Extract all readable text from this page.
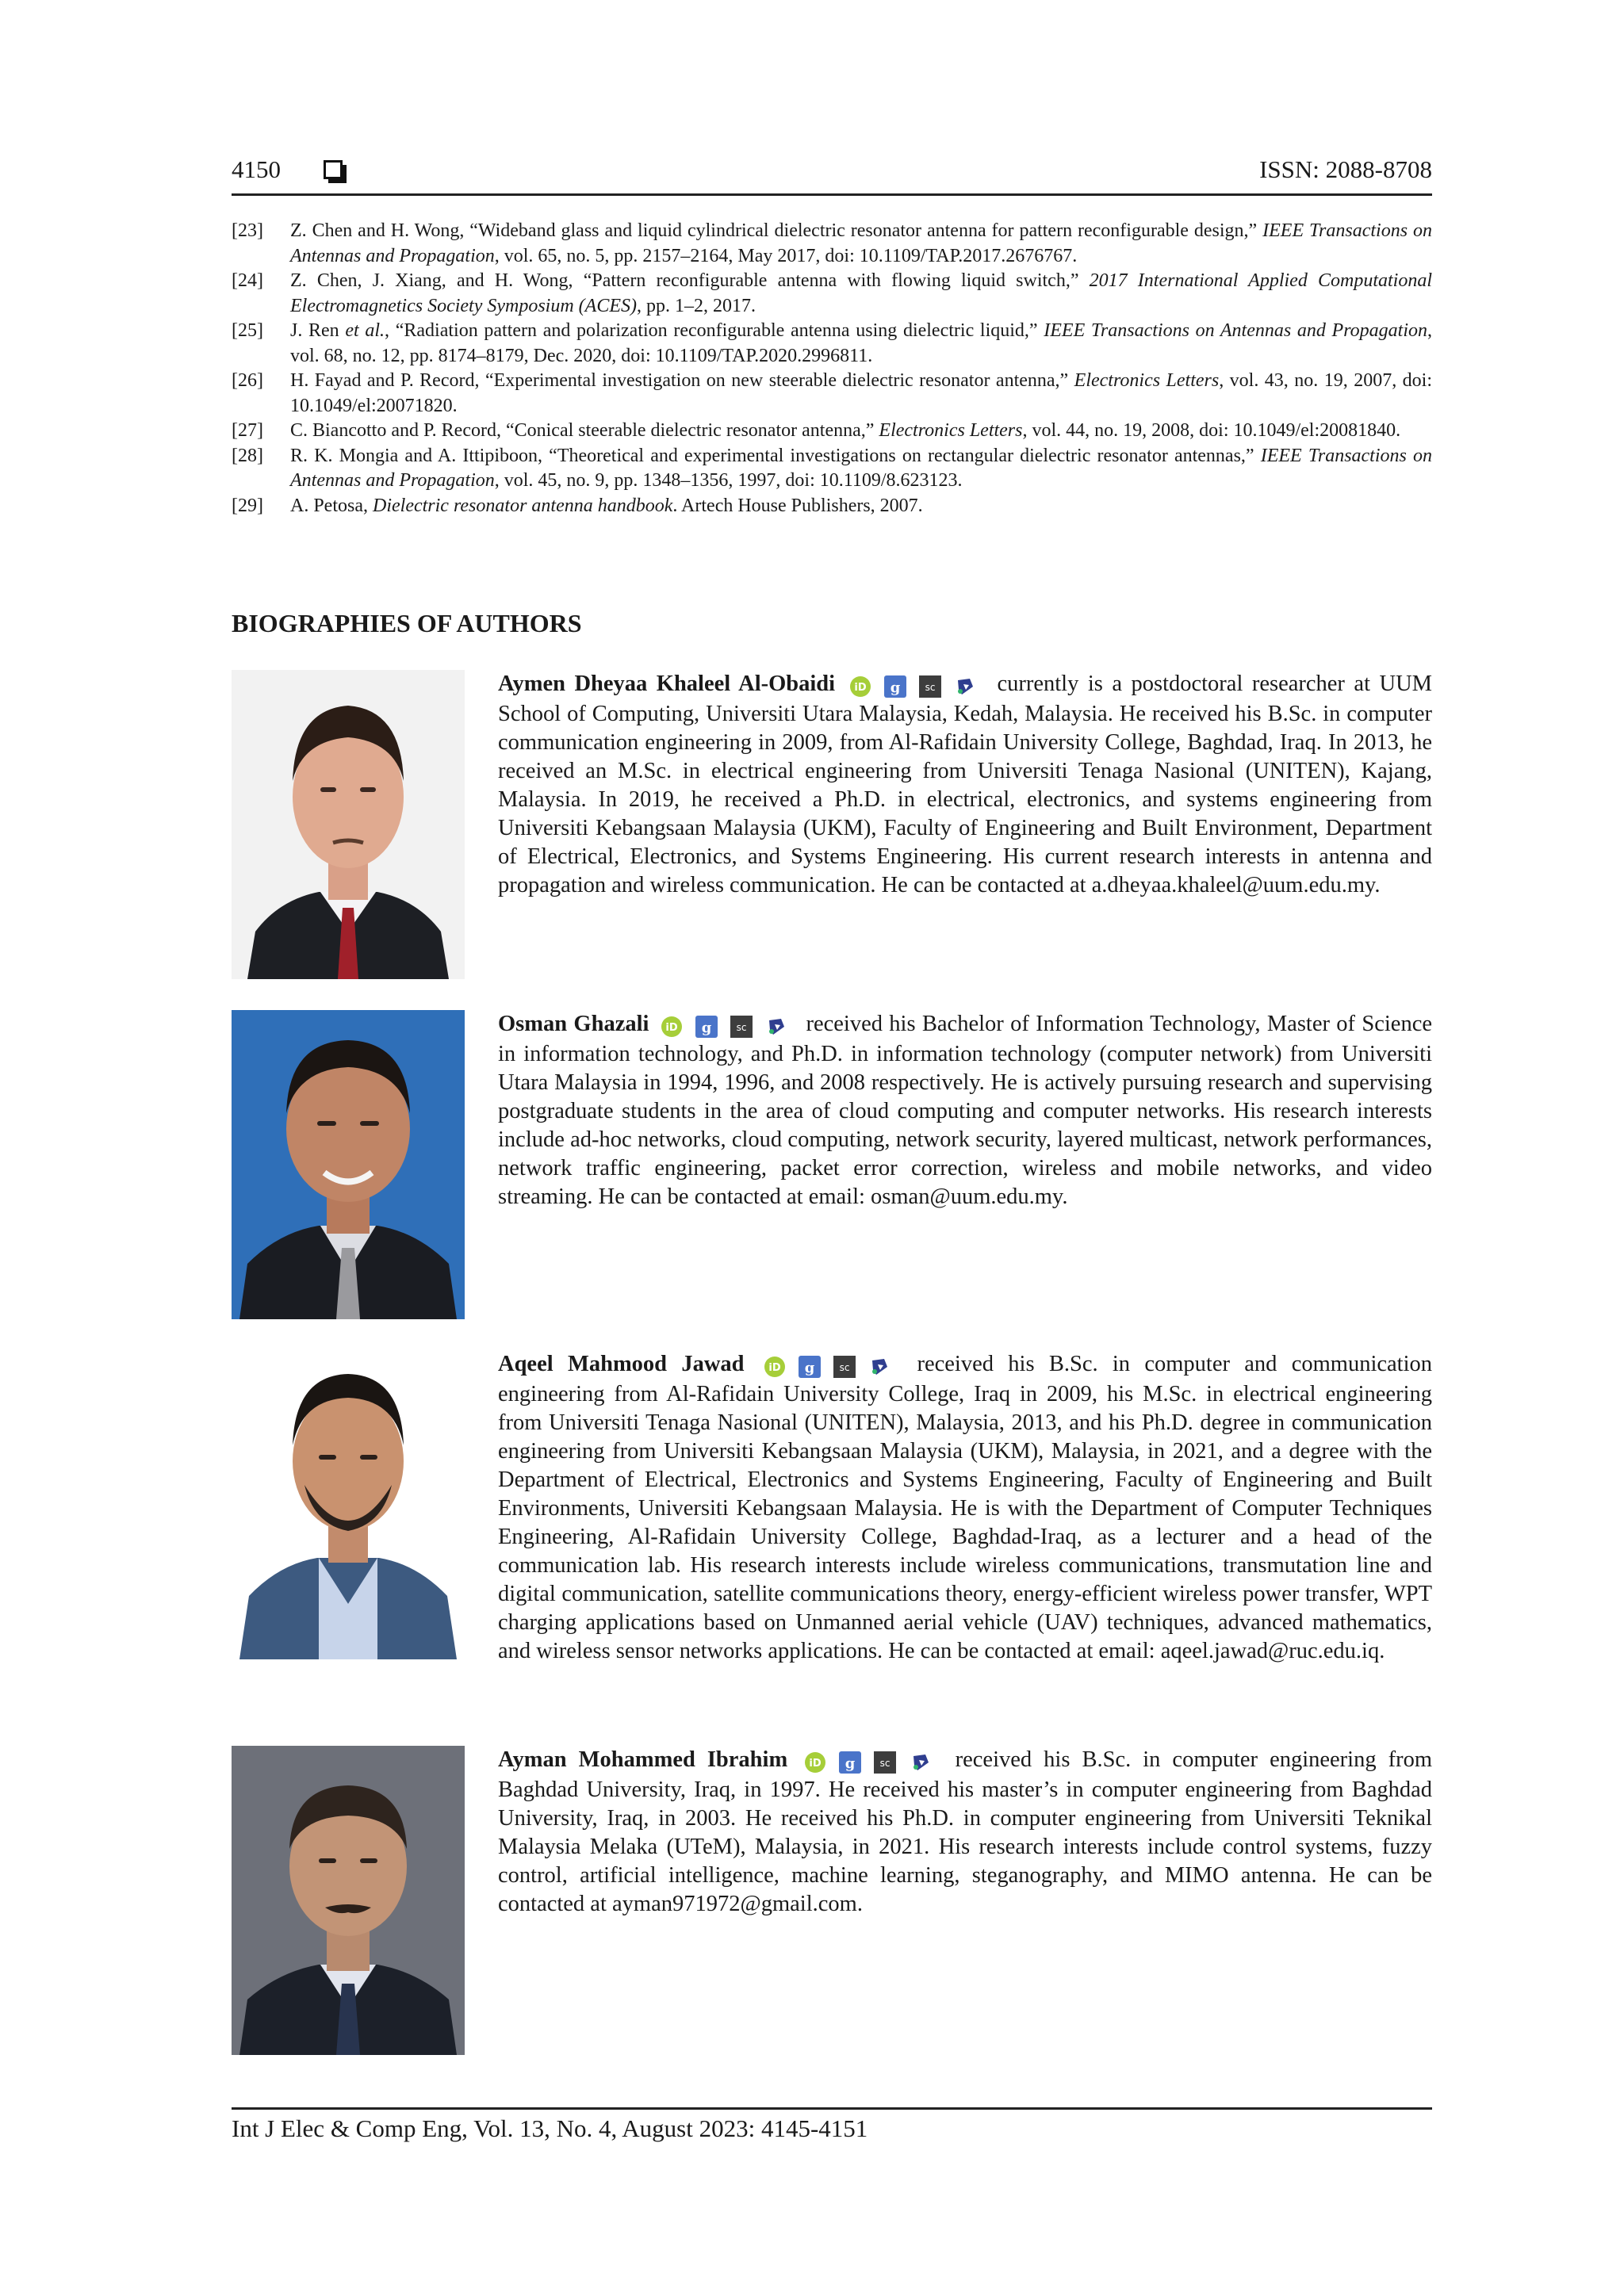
4150	ISSN: 2088-8708
[23]	Z. Chen and H. Wong, “Wideband glass and liquid cylindrical dielectric resonator antenna for pattern reconfigurable design,” IEEE Transactions on Antennas and Propagation, vol. 65, no. 5, pp. 2157–2164, May 2017, doi: 10.1109/TAP.2017.2676767.
[24]	Z. Chen, J. Xiang, and H. Wong, “Pattern reconfigurable antenna with flowing liquid switch,” 2017 International Applied Computational Electromagnetics Society Symposium (ACES), pp. 1–2, 2017.
[25]	J. Ren et al., “Radiation pattern and polarization reconfigurable antenna using dielectric liquid,” IEEE Transactions on Antennas and Propagation, vol. 68, no. 12, pp. 8174–8179, Dec. 2020, doi: 10.1109/TAP.2020.2996811.
[26]	H. Fayad and P. Record, “Experimental investigation on new steerable dielectric resonator antenna,” Electronics Letters, vol. 43, no. 19, 2007, doi: 10.1049/el:20071820.
[27]	C. Biancotto and P. Record, “Conical steerable dielectric resonator antenna,” Electronics Letters, vol. 44, no. 19, 2008, doi: 10.1049/el:20081840.
[28]	R. K. Mongia and A. Ittipiboon, “Theoretical and experimental investigations on rectangular dielectric resonator antennas,” IEEE Transactions on Antennas and Propagation, vol. 45, no. 9, pp. 1348–1356, 1997, doi: 10.1109/8.623123.
[29]	A. Petosa, Dielectric resonator antenna handbook. Artech House Publishers, 2007.
BIOGRAPHIES OF AUTHORS
Aymen Dheyaa Khaleel Al-Obaidi iD
g
	sc	currently is a postdoctoral researcher at UUM School of Computing, Universiti Utara Malaysia, Kedah, Malaysia. He received his B.Sc. in computer communication engineering in 2009, from Al-Rafidain University College, Baghdad, Iraq. In 2013, he received an M.Sc. in electrical engineering from Universiti Tenaga Nasional (UNITEN), Kajang, Malaysia. In 2019, he received a Ph.D. in electrical, electronics, and systems engineering from Universiti Kebangsaan Malaysia (UKM), Faculty of Engineering and Built Environment, Department of Electrical, Electronics, and Systems Engineering. His current research interests in antenna and propagation and wireless communication. He can be contacted at a.dheyaa.khaleel@uum.edu.my.
Osman Ghazali iD
g
	sc	received his Bachelor of Information Technology, Master of Science in information technology, and Ph.D. in information technology (computer network) from Universiti Utara Malaysia in 1994, 1996, and 2008 respectively. He is actively pursuing research and supervising postgraduate students in the area of cloud computing and computer networks. His research interests include ad-hoc networks, cloud computing, network security, layered multicast, network performances, network traffic engineering, packet error correction, wireless and mobile networks, and video streaming. He can be contacted at email: osman@uum.edu.my.
Aqeel Mahmood Jawad iD
g
	sc	received his B.Sc. in computer and communication engineering from Al-Rafidain University College, Iraq in 2009, his M.Sc. in electrical engineering from Universiti Tenaga Nasional (UNITEN), Malaysia, 2013, and his Ph.D. degree in communication engineering from Universiti Kebangsaan Malaysia (UKM), Malaysia, in 2021, and a degree with the Department of Electrical, Electronics and Systems Engineering, Faculty of Engineering and Built Environments, Universiti Kebangsaan Malaysia. He is with the Department of Computer Techniques Engineering, Al-Rafidain University College, Baghdad-Iraq, as a lecturer and a head of the communication lab. His research interests include wireless communications, transmutation line and digital communication, satellite communications theory, energy-efficient wireless power transfer, WPT charging applications based on Unmanned aerial vehicle (UAV) techniques, advanced mathematics, and wireless sensor networks applications. He can be contacted at email: aqeel.jawad@ruc.edu.iq.
Ayman Mohammed Ibrahim iD
g
	sc	received his B.Sc. in computer engineering from Baghdad University, Iraq, in 1997. He received his master’s in computer engineering from Baghdad University, Iraq, in 2003. He received his Ph.D. in computer engineering from Universiti Teknikal Malaysia Melaka (UTeM), Malaysia, in 2021. His research interests include control systems, fuzzy control, artificial intelligence, machine learning, steganography, and MIMO antenna. He can be contacted at ayman971972@gmail.com.
Int J Elec & Comp Eng, Vol. 13, No. 4, August 2023: 4145-4151
